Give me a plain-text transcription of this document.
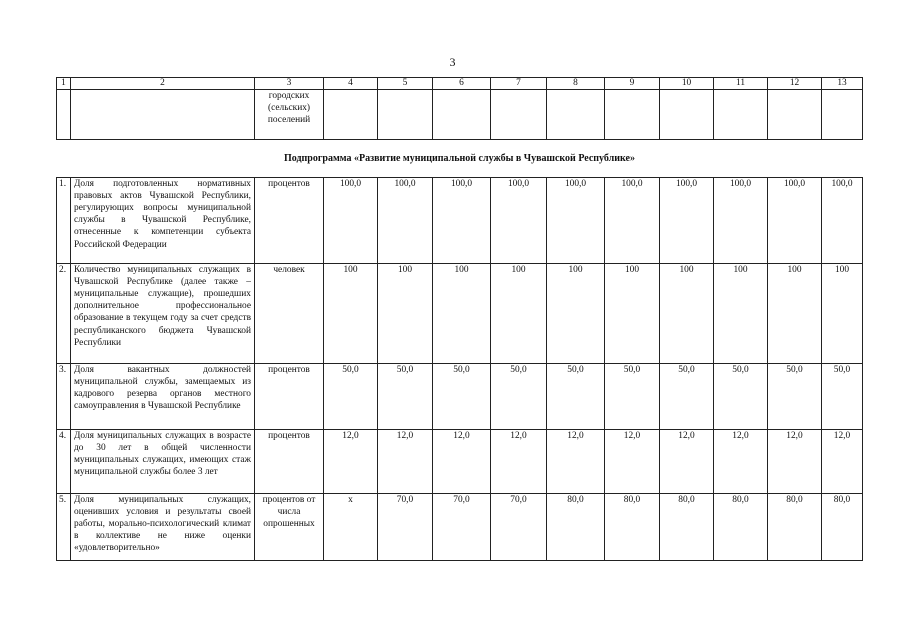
3
1	2	3	4	5	6	7	8	9	10	11	12	13
		городских
(сельских)
поселений										
Подпрограмма «Развитие муниципальной службы в Чувашской Республике»												
1.	Доля подготовленных нормативных правовых актов Чувашской Республики, регулирующих вопросы муниципальной службы в Чувашской Республике, отнесенные к компетенции субъекта Российской Федерации	процентов	100,0	100,0	100,0	100,0	100,0	100,0	100,0	100,0	100,0	100,0
2.	Количество муниципальных служащих в Чувашской Республике (далее также – муниципальные служащие), прошедших дополнительное профессиональное образование в текущем году за счет средств республиканского бюджета Чувашской Республики	человек	100	100	100	100	100	100	100	100	100	100
3.	Доля вакантных должностей муниципальной службы, замещаемых из кадрового резерва органов местного самоуправления в Чувашской Республике	процентов	50,0	50,0	50,0	50,0	50,0	50,0	50,0	50,0	50,0	50,0
4.	Доля муниципальных служащих в возрасте до 30 лет в общей численности муниципальных служащих, имеющих стаж муниципальной службы более 3 лет	процентов	12,0	12,0	12,0	12,0	12,0	12,0	12,0	12,0	12,0	12,0
5.	Доля муниципальных служащих, оценивших условия и результаты своей работы, морально-психологический климат в коллективе не ниже оценки «удовлетворительно»	процентов от числа опрошенных	x	70,0	70,0	70,0	80,0	80,0	80,0	80,0	80,0	80,0
